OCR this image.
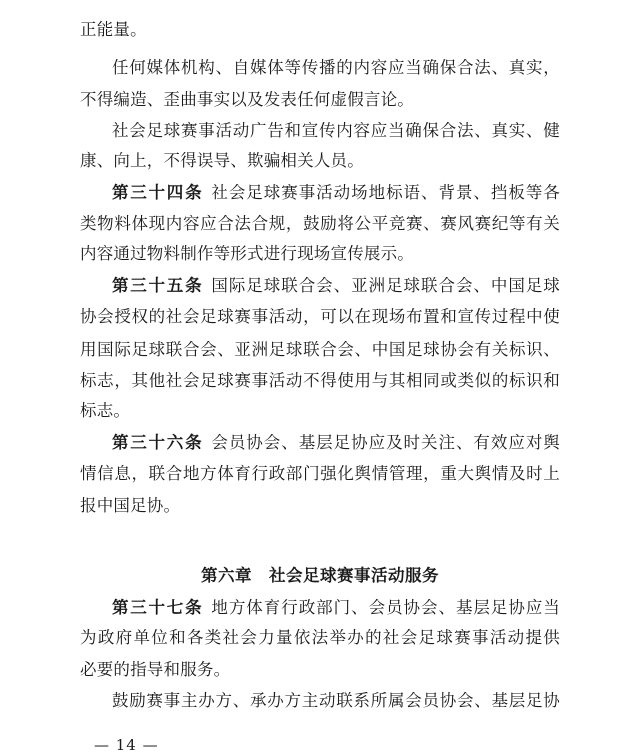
正能量。
任何媒体机构、自媒体等传播的内容应当确保合法、真实，
不得编造、歪曲事实以及发表任何虚假言论。
社会足球赛事活动广告和宣传内容应当确保合法、真实、健
康、向上，不得误导、欺骗相关人员。
第三十四条 社会足球赛事活动场地标语、背景、挡板等各
类物料体现内容应合法合规，鼓励将公平竞赛、赛风赛纪等有关
内容通过物料制作等形式进行现场宣传展示。
第三十五条 国际足球联合会、亚洲足球联合会、中国足球
协会授权的社会足球赛事活动，可以在现场布置和宣传过程中使
用国际足球联合会、亚洲足球联合会、中国足球协会有关标识、
标志，其他社会足球赛事活动不得使用与其相同或类似的标识和
标志。
第三十六条 会员协会、基层足协应及时关注、有效应对舆
情信息，联合地方体育行政部门强化舆情管理，重大舆情及时上
报中国足协。
第六章　社会足球赛事活动服务
第三十七条 地方体育行政部门、会员协会、基层足协应当
为政府单位和各类社会力量依法举办的社会足球赛事活动提供
必要的指导和服务。
鼓励赛事主办方、承办方主动联系所属会员协会、基层足协
— 14 —
